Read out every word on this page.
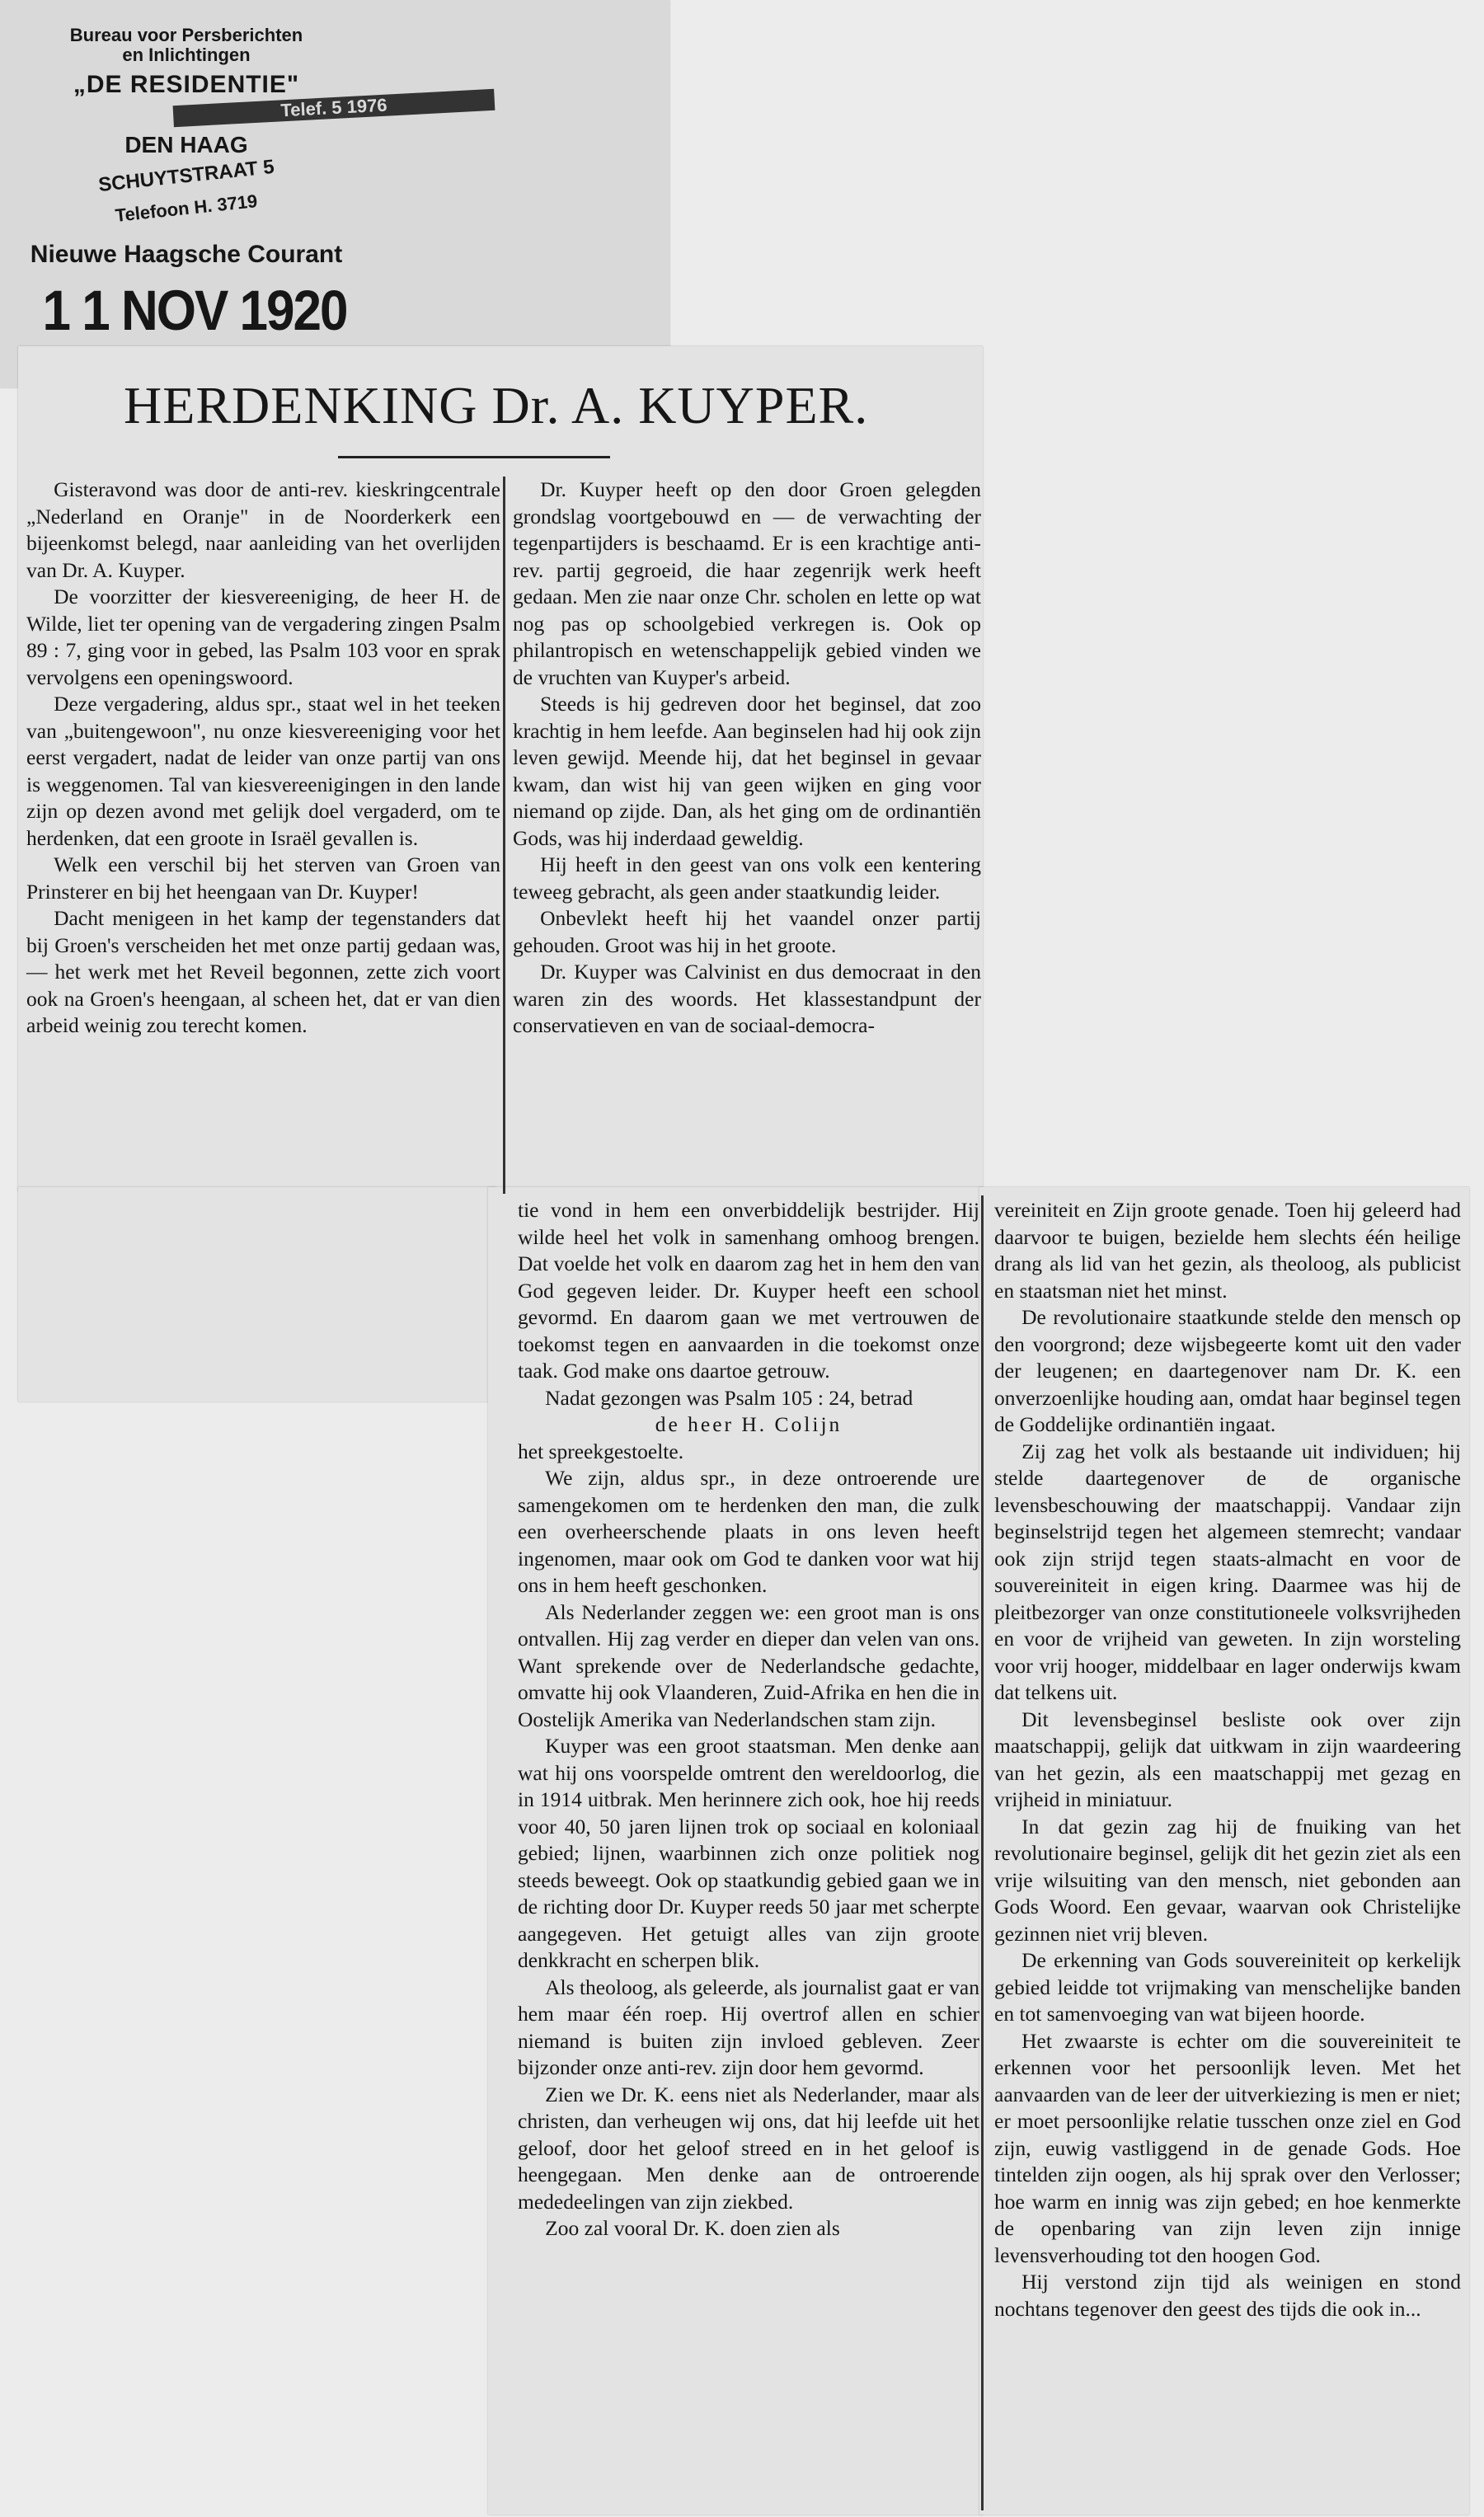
Bureau voor Persberichten
en Inlichtingen
„DE RESIDENTIE"
Telef. 5 1976
DEN HAAG
SCHUYTSTRAAT 5
Telefoon H. 3719
Nieuwe Haagsche Courant
1 1 NOV 1920
HERDENKING Dr. A. KUYPER.

Gisteravond was door de anti-rev. kieskringcentrale „Nederland en Oranje" in de Noorderkerk een bijeenkomst belegd, naar aanleiding van het overlijden van Dr. A. Kuyper.

De voorzitter der kiesvereeniging, de heer H. de Wilde, liet ter opening van de vergadering zingen Psalm 89 : 7, ging voor in gebed, las Psalm 103 voor en sprak vervolgens een openingswoord.

Deze vergadering, aldus spr., staat wel in het teeken van „buitengewoon", nu onze kiesvereeniging voor het eerst vergadert, nadat de leider van onze partij van ons is weggenomen. Tal van kiesvereenigingen in den lande zijn op dezen avond met gelijk doel vergaderd, om te herdenken, dat een groote in Israël gevallen is.

Welk een verschil bij het sterven van Groen van Prinsterer en bij het heengaan van Dr. Kuyper!

Dacht menigeen in het kamp der tegenstanders dat bij Groen's verscheiden het met onze partij gedaan was, — het werk met het Reveil begonnen, zette zich voort ook na Groen's heengaan, al scheen het, dat er van dien arbeid weinig zou terecht komen.

Dr. Kuyper heeft op den door Groen gelegden grondslag voortgebouwd en — de verwachting der tegenpartijders is beschaamd. Er is een krachtige anti-rev. partij gegroeid, die haar zegenrijk werk heeft gedaan. Men zie naar onze Chr. scholen en lette op wat nog pas op schoolgebied verkregen is. Ook op philantropisch en wetenschappelijk gebied vinden we de vruchten van Kuyper's arbeid.

Steeds is hij gedreven door het beginsel, dat zoo krachtig in hem leefde. Aan beginselen had hij ook zijn leven gewijd. Meende hij, dat het beginsel in gevaar kwam, dan wist hij van geen wijken en ging voor niemand op zijde. Dan, als het ging om de ordinantiën Gods, was hij inderdaad geweldig.

Hij heeft in den geest van ons volk een kentering teweeg gebracht, als geen ander staatkundig leider.

Onbevlekt heeft hij het vaandel onzer partij gehouden. Groot was hij in het groote.

Dr. Kuyper was Calvinist en dus democraat in den waren zin des woords. Het klassestandpunt der conservatieven en van de sociaal-democra-

tie vond in hem een onverbiddelijk bestrijder. Hij wilde heel het volk in samenhang omhoog brengen. Dat voelde het volk en daarom zag het in hem den van God gegeven leider. Dr. Kuyper heeft een school gevormd. En daarom gaan we met vertrouwen de toekomst tegen en aanvaarden in die toekomst onze taak. God make ons daartoe getrouw.

Nadat gezongen was Psalm 105 : 24, betrad

de heer H. Colijn

het spreekgestoelte.

We zijn, aldus spr., in deze ontroerende ure samengekomen om te herdenken den man, die zulk een overheerschende plaats in ons leven heeft ingenomen, maar ook om God te danken voor wat hij ons in hem heeft geschonken.

Als Nederlander zeggen we: een groot man is ons ontvallen. Hij zag verder en dieper dan velen van ons. Want sprekende over de Nederlandsche gedachte, omvatte hij ook Vlaanderen, Zuid-Afrika en hen die in Oostelijk Amerika van Nederlandschen stam zijn.

Kuyper was een groot staatsman. Men denke aan wat hij ons voorspelde omtrent den wereldoorlog, die in 1914 uitbrak. Men herinnere zich ook, hoe hij reeds voor 40, 50 jaren lijnen trok op sociaal en koloniaal gebied; lijnen, waarbinnen zich onze politiek nog steeds beweegt. Ook op staatkundig gebied gaan we in de richting door Dr. Kuyper reeds 50 jaar met scherpte aangegeven. Het getuigt alles van zijn groote denkkracht en scherpen blik.

Als theoloog, als geleerde, als journalist gaat er van hem maar één roep. Hij overtrof allen en schier niemand is buiten zijn invloed gebleven. Zeer bijzonder onze anti-rev. zijn door hem gevormd.

Zien we Dr. K. eens niet als Nederlander, maar als christen, dan verheugen wij ons, dat hij leefde uit het geloof, door het geloof streed en in het geloof is heengegaan. Men denke aan de ontroerende mededeelingen van zijn ziekbed.

Zoo zal vooral Dr. K. doen zien als

vereiniteit en Zijn groote genade. Toen hij geleerd had daarvoor te buigen, bezielde hem slechts één heilige drang als lid van het gezin, als theoloog, als publicist en staatsman niet het minst.

De revolutionaire staatkunde stelde den mensch op den voorgrond; deze wijsbegeerte komt uit den vader der leugenen; en daartegenover nam Dr. K. een onverzoenlijke houding aan, omdat haar beginsel tegen de Goddelijke ordinantiën ingaat.

Zij zag het volk als bestaande uit individuen; hij stelde daartegenover de de organische levensbeschouwing der maatschappij. Vandaar zijn beginselstrijd tegen het algemeen stemrecht; vandaar ook zijn strijd tegen staats-almacht en voor de souvereiniteit in eigen kring. Daarmee was hij de pleitbezorger van onze constitutioneele volksvrijheden en voor de vrijheid van geweten. In zijn worsteling voor vrij hooger, middelbaar en lager onderwijs kwam dat telkens uit.

Dit levensbeginsel besliste ook over zijn maatschappij, gelijk dat uitkwam in zijn waardeering van het gezin, als een maatschappij met gezag en vrijheid in miniatuur.

In dat gezin zag hij de fnuiking van het revolutionaire beginsel, gelijk dit het gezin ziet als een vrije wilsuiting van den mensch, niet gebonden aan Gods Woord. Een gevaar, waarvan ook Christelijke gezinnen niet vrij bleven.

De erkenning van Gods souvereiniteit op kerkelijk gebied leidde tot vrijmaking van menschelijke banden en tot samenvoeging van wat bijeen hoorde.

Het zwaarste is echter om die souvereiniteit te erkennen voor het persoonlijk leven. Met het aanvaarden van de leer der uitverkiezing is men er niet; er moet persoonlijke relatie tusschen onze ziel en God zijn, euwig vastliggend in de genade Gods. Hoe tintelden zijn oogen, als hij sprak over den Verlosser; hoe warm en innig was zijn gebed; en hoe kenmerkte de openbaring van zijn leven zijn innige levensverhouding tot den hoogen God.

Hij verstond zijn tijd als weinigen en stond nochtans tegenover den geest des tijds die ook in...
